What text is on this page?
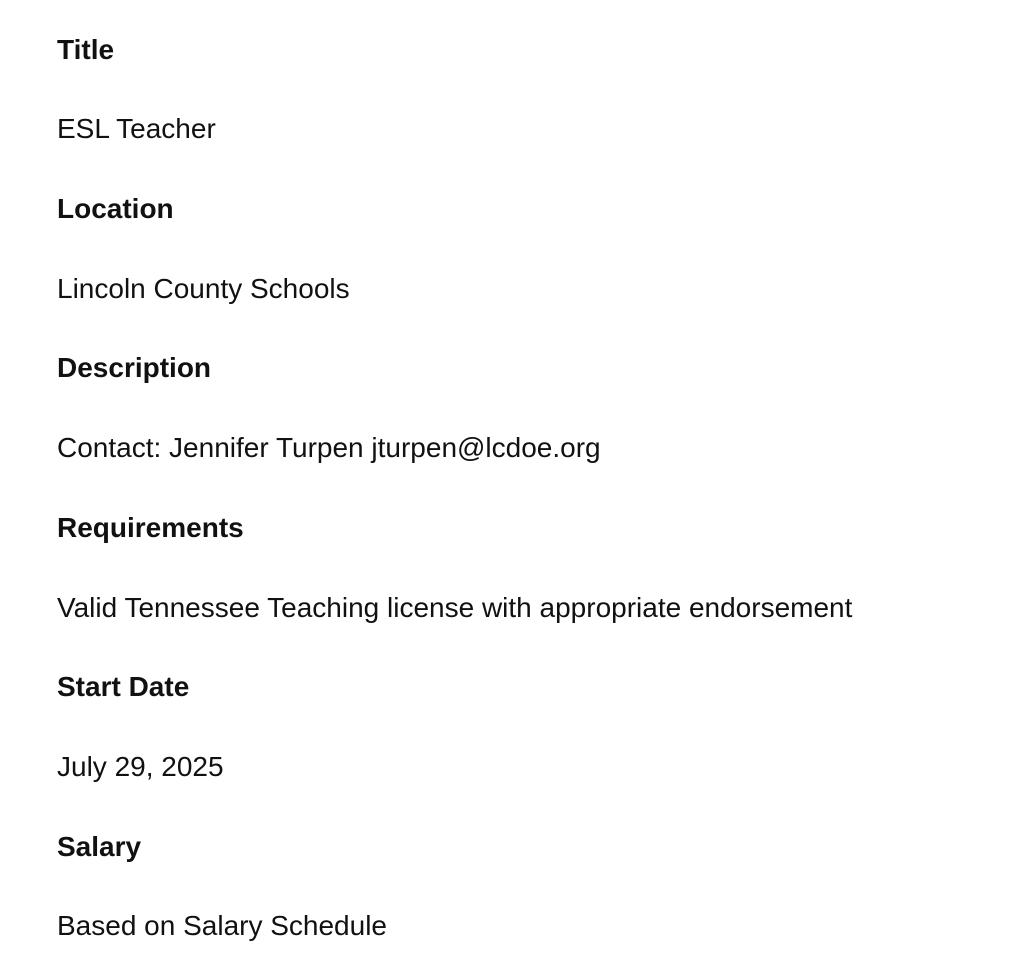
Title
ESL Teacher
Location
Lincoln County Schools
Description
Contact: Jennifer Turpen jturpen@lcdoe.org
Requirements
Valid Tennessee Teaching license with appropriate endorsement
Start Date
July 29, 2025
Salary
Based on Salary Schedule
